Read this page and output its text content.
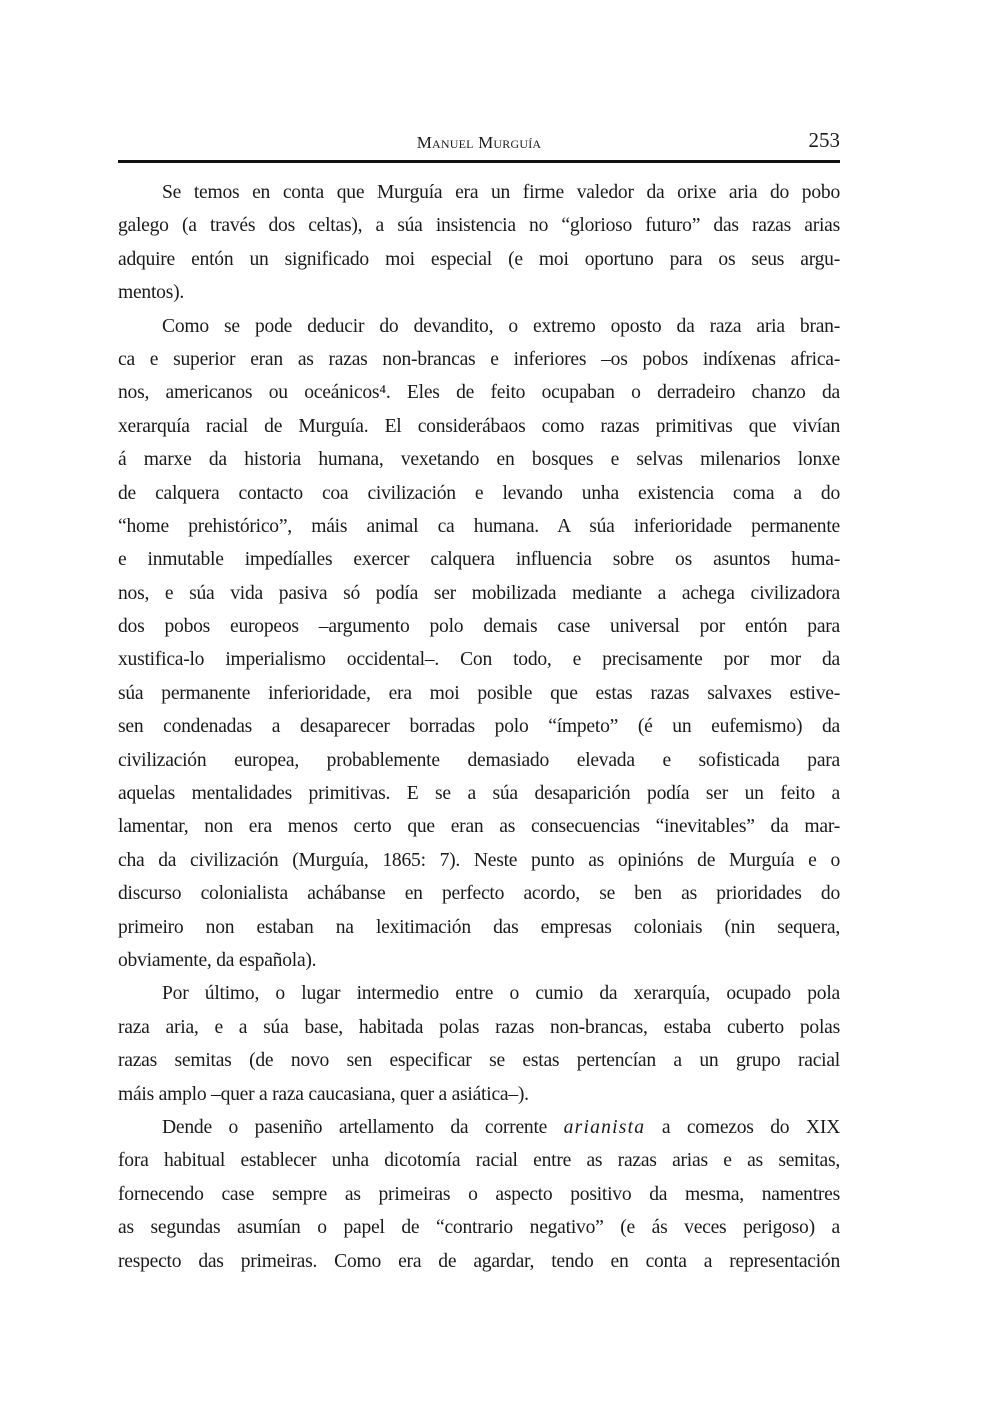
Manuel Murguía	253
Se temos en conta que Murguía era un firme valedor da orixe aria do pobo
galego (a través dos celtas), a súa insistencia no “glorioso futuro” das razas arias
adquire entón un significado moi especial (e moi oportuno para os seus argu-
mentos).
Como se pode deducir do devandito, o extremo oposto da raza aria bran-
ca e superior eran as razas non-brancas e inferiores –os pobos indíxenas africa-
nos, americanos ou oceánicos⁴. Eles de feito ocupaban o derradeiro chanzo da
xerarquía racial de Murguía. El considerábaos como razas primitivas que vivían
á marxe da historia humana, vexetando en bosques e selvas milenarios lonxe
de calquera contacto coa civilización e levando unha existencia coma a do
“home prehistórico”, máis animal ca humana. A súa inferioridade permanente
e inmutable impedíalles exercer calquera influencia sobre os asuntos huma-
nos, e súa vida pasiva só podía ser mobilizada mediante a achega civilizadora
dos pobos europeos –argumento polo demais case universal por entón para
xustifica-lo imperialismo occidental–. Con todo, e precisamente por mor da
súa permanente inferioridade, era moi posible que estas razas salvaxes estive-
sen condenadas a desaparecer borradas polo “ímpeto” (é un eufemismo) da
civilización europea, probablemente demasiado elevada e sofisticada para
aquelas mentalidades primitivas. E se a súa desaparición podía ser un feito a
lamentar, non era menos certo que eran as consecuencias “inevitables” da mar-
cha da civilización (Murguía, 1865: 7). Neste punto as opinións de Murguía e o
discurso colonialista achábanse en perfecto acordo, se ben as prioridades do
primeiro non estaban na lexitimación das empresas coloniais (nin sequera,
obviamente, da española).
Por último, o lugar intermedio entre o cumio da xerarquía, ocupado pola
raza aria, e a súa base, habitada polas razas non-brancas, estaba cuberto polas
razas semitas (de novo sen especificar se estas pertencían a un grupo racial
máis amplo –quer a raza caucasiana, quer a asiática–).
Dende o paseniño artellamento da corrente arianista a comezos do XIX
fora habitual establecer unha dicotomía racial entre as razas arias e as semitas,
fornecendo case sempre as primeiras o aspecto positivo da mesma, namentres
as segundas asumían o papel de “contrario negativo” (e ás veces perigoso) a
respecto das primeiras. Como era de agardar, tendo en conta a representación
